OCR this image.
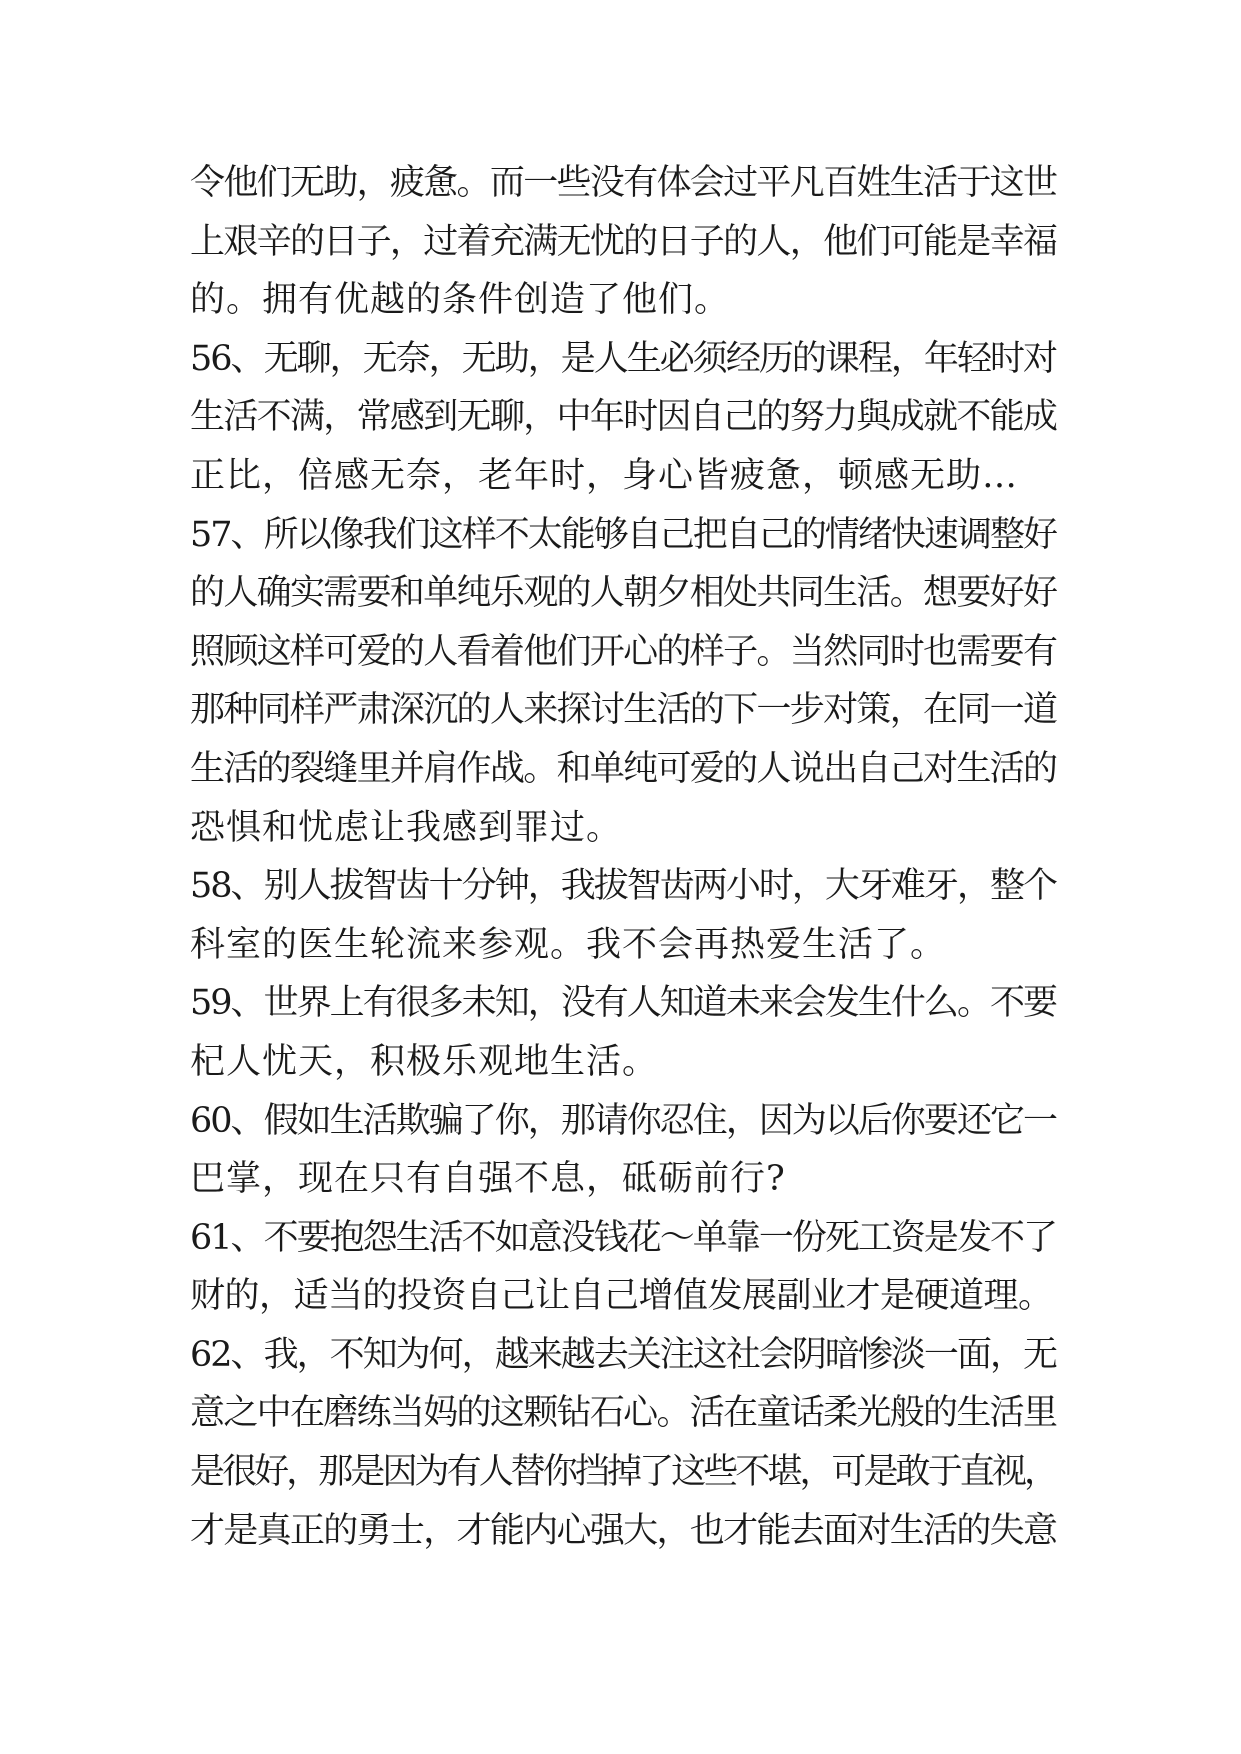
令他们无助，疲惫。而一些没有体会过平凡百姓生活于这世
上艰辛的日子，过着充满无忧的日子的人，他们可能是幸福
的。拥有优越的条件创造了他们。
56、无聊，无奈，无助，是人生必须经历的课程，年轻时对
生活不满，常感到无聊，中年时因自己的努力與成就不能成
正比，倍感无奈，老年时，身心皆疲惫，顿感无助…
57、所以像我们这样不太能够自己把自己的情绪快速调整好
的人确实需要和单纯乐观的人朝夕相处共同生活。想要好好
照顾这样可爱的人看着他们开心的样子。当然同时也需要有
那种同样严肃深沉的人来探讨生活的下一步对策，在同一道
生活的裂缝里并肩作战。和单纯可爱的人说出自己对生活的
恐惧和忧虑让我感到罪过。
58、别人拔智齿十分钟，我拔智齿两小时，大牙难牙，整个
科室的医生轮流来参观。我不会再热爱生活了。
59、世界上有很多未知，没有人知道未来会发生什么。不要
杞人忧天，积极乐观地生活。
60、假如生活欺骗了你，那请你忍住，因为以后你要还它一
巴掌，现在只有自强不息，砥砺前行?
61、不要抱怨生活不如意没钱花～单靠一份死工资是发不了
财的，适当的投资自己让自己增值发展副业才是硬道理。
62、我，不知为何，越来越去关注这社会阴暗惨淡一面，无
意之中在磨练当妈的这颗钻石心。活在童话柔光般的生活里
是很好，那是因为有人替你挡掉了这些不堪，可是敢于直视，
才是真正的勇士，才能内心强大，也才能去面对生活的失意
